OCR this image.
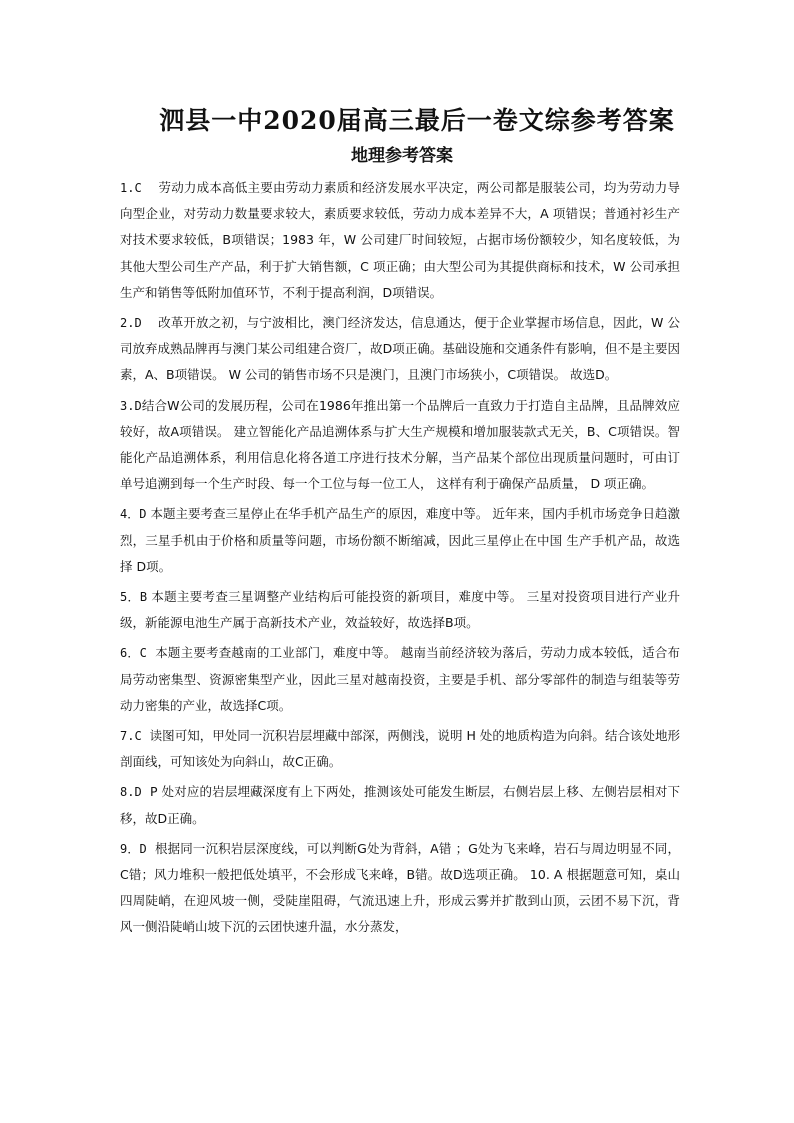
泗县一中2020届高三最后一卷文综参考答案
地理参考答案

1.C 劳动力成本高低主要由劳动力素质和经济发展水平决定，两公司都是服装公司，均为劳动力导向型企业，对劳动力数量要求较大，素质要求较低，劳动力成本差异不大，A 项错误；普通衬衫生产对技术要求较低，B项错误；1983 年，W 公司建厂时间较短，占据市场份额较少，知名度较低，为其他大型公司生产产品，利于扩大销售额，C 项正确；由大型公司为其提供商标和技术，W 公司承担生产和销售等低附加值环节，不利于提高利润，D项错误。

2.D 改革开放之初，与宁波相比，澳门经济发达，信息通达，便于企业掌握市场信息，因此，W 公司放弃成熟品牌再与澳门某公司组建合资厂，故D项正确。基础设施和交通条件有影响，但不是主要因素，A、B项错误。 W 公司的销售市场不只是澳门，且澳门市场狭小，C项错误。 故选D。

3.D结合W公司的发展历程，公司在1986年推出第一个品牌后一直致力于打造自主品牌，且品牌效应较好，故A项错误。 建立智能化产品追溯体系与扩大生产规模和增加服装款式无关，B、C项错误。智能化产品追溯体系，利用信息化将各道工序进行技术分解，当产品某个部位出现质量问题时，可由订单号追溯到每一个生产时段、每一个工位与每一位工人， 这样有利于确保产品质量， D 项正确。

4．D 本题主要考查三星停止在华手机产品生产的原因，难度中等。 近年来，国内手机市场竞争日趋激烈，三星手机由于价格和质量等问题，市场份额不断缩减，因此三星停止在中国 生产手机产品，故选择 D项。

5．B 本题主要考查三星调整产业结构后可能投资的新项目，难度中等。 三星对投资项目进行产业升级，新能源电池生产属于高新技术产业，效益较好，故选择B项。

6．C 本题主要考查越南的工业部门，难度中等。 越南当前经济较为落后，劳动力成本较低，适合布局劳动密集型、资源密集型产业，因此三星对越南投资，主要是手机、部分零部件的制造与组装等劳动力密集的产业，故选择C项。

7.C 读图可知，甲处同一沉积岩层埋藏中部深，两侧浅，说明 H 处的地质构造为向斜。结合该处地形剖面线，可知该处为向斜山，故C正确。

8.D P 处对应的岩层埋藏深度有上下两处，推测该处可能发生断层，右侧岩层上移、左侧岩层相对下移，故D正确。

9．D 根据同一沉积岩层深度线，可以判断G处为背斜，A错 ；G处为飞来峰，岩石与周边明显不同，C错；风力堆积一般把低处填平，不会形成飞来峰，B错。故D选项正确。 10. A 根据题意可知，桌山四周陡峭，在迎风坡一侧，受陡崖阻碍，气流迅速上升，形成云雾并扩散到山顶，云团不易下沉，背风一侧沿陡峭山坡下沉的云团快速升温，水分蒸发，
